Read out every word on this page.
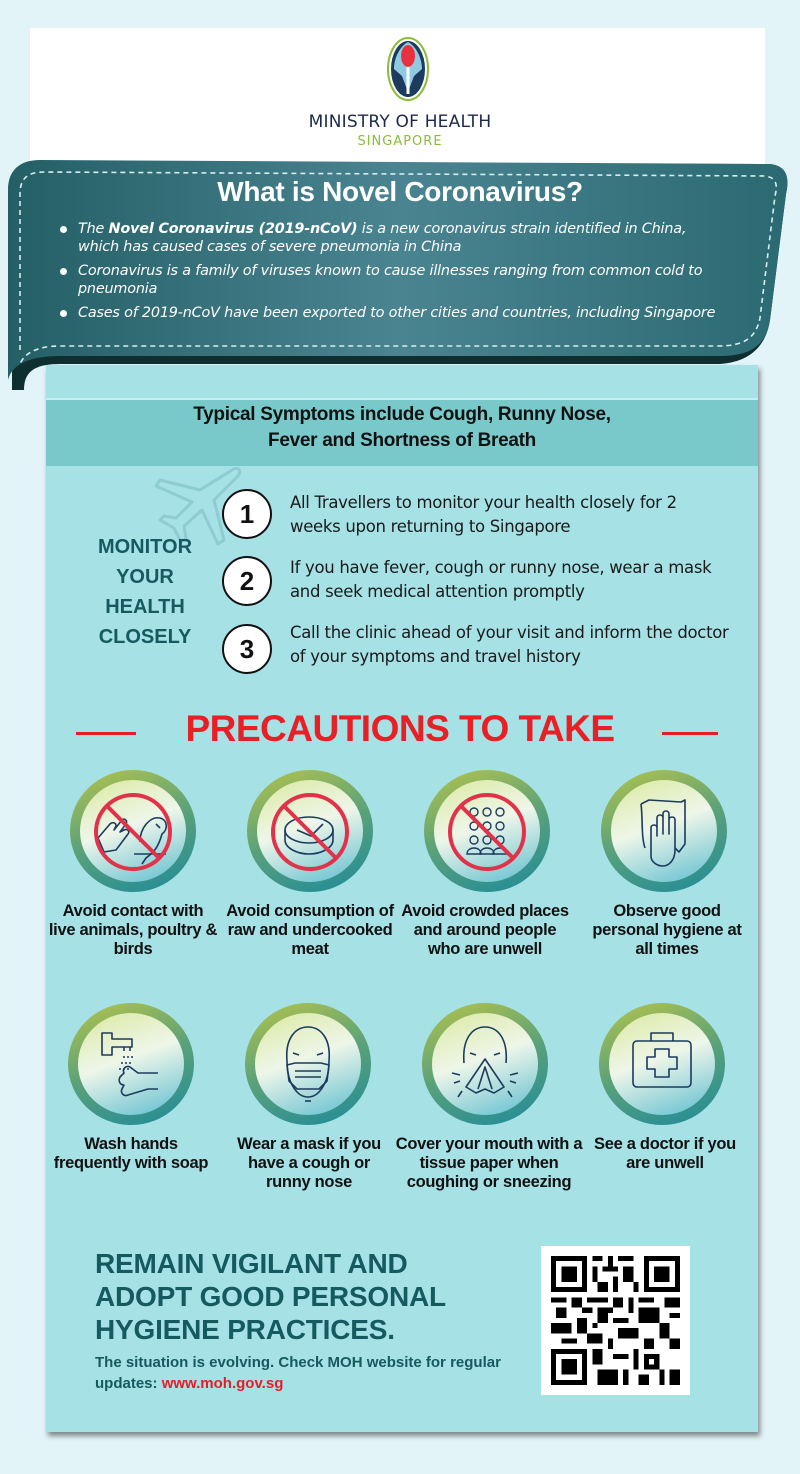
MINISTRY OF HEALTH
SINGAPORE
What is Novel Coronavirus?
The Novel Coronavirus (2019-nCoV) is a new coronavirus strain identified in China, which has caused cases of severe pneumonia in China
Coronavirus is a family of viruses known to cause illnesses ranging from common cold to pneumonia
Cases of 2019-nCoV have been exported to other cities and countries, including Singapore
Typical Symptoms include Cough, Runny Nose,
Fever and Shortness of Breath
MONITOR
YOUR
HEALTH
CLOSELY
1	All Travellers to monitor your health closely for 2 weeks upon returning to Singapore
2	If you have fever, cough or runny nose, wear a mask and seek medical attention promptly
3
Call the clinic ahead of your visit and inform the doctor of your symptoms and travel history
PRECAUTIONS TO TAKE
Avoid contact with live animals, poultry & birds
Avoid consumption of raw and undercooked meat
Avoid crowded places and around people who are unwell
Observe good personal hygiene at all times
Wash hands frequently with soap
Wear a mask if you have a cough or runny nose
Cover your mouth with a tissue paper when coughing or sneezing
See a doctor if you are unwell
REMAIN VIGILANT AND
ADOPT GOOD PERSONAL
HYGIENE PRACTICES.
The situation is evolving. Check MOH website for regular updates: www.moh.gov.sg
